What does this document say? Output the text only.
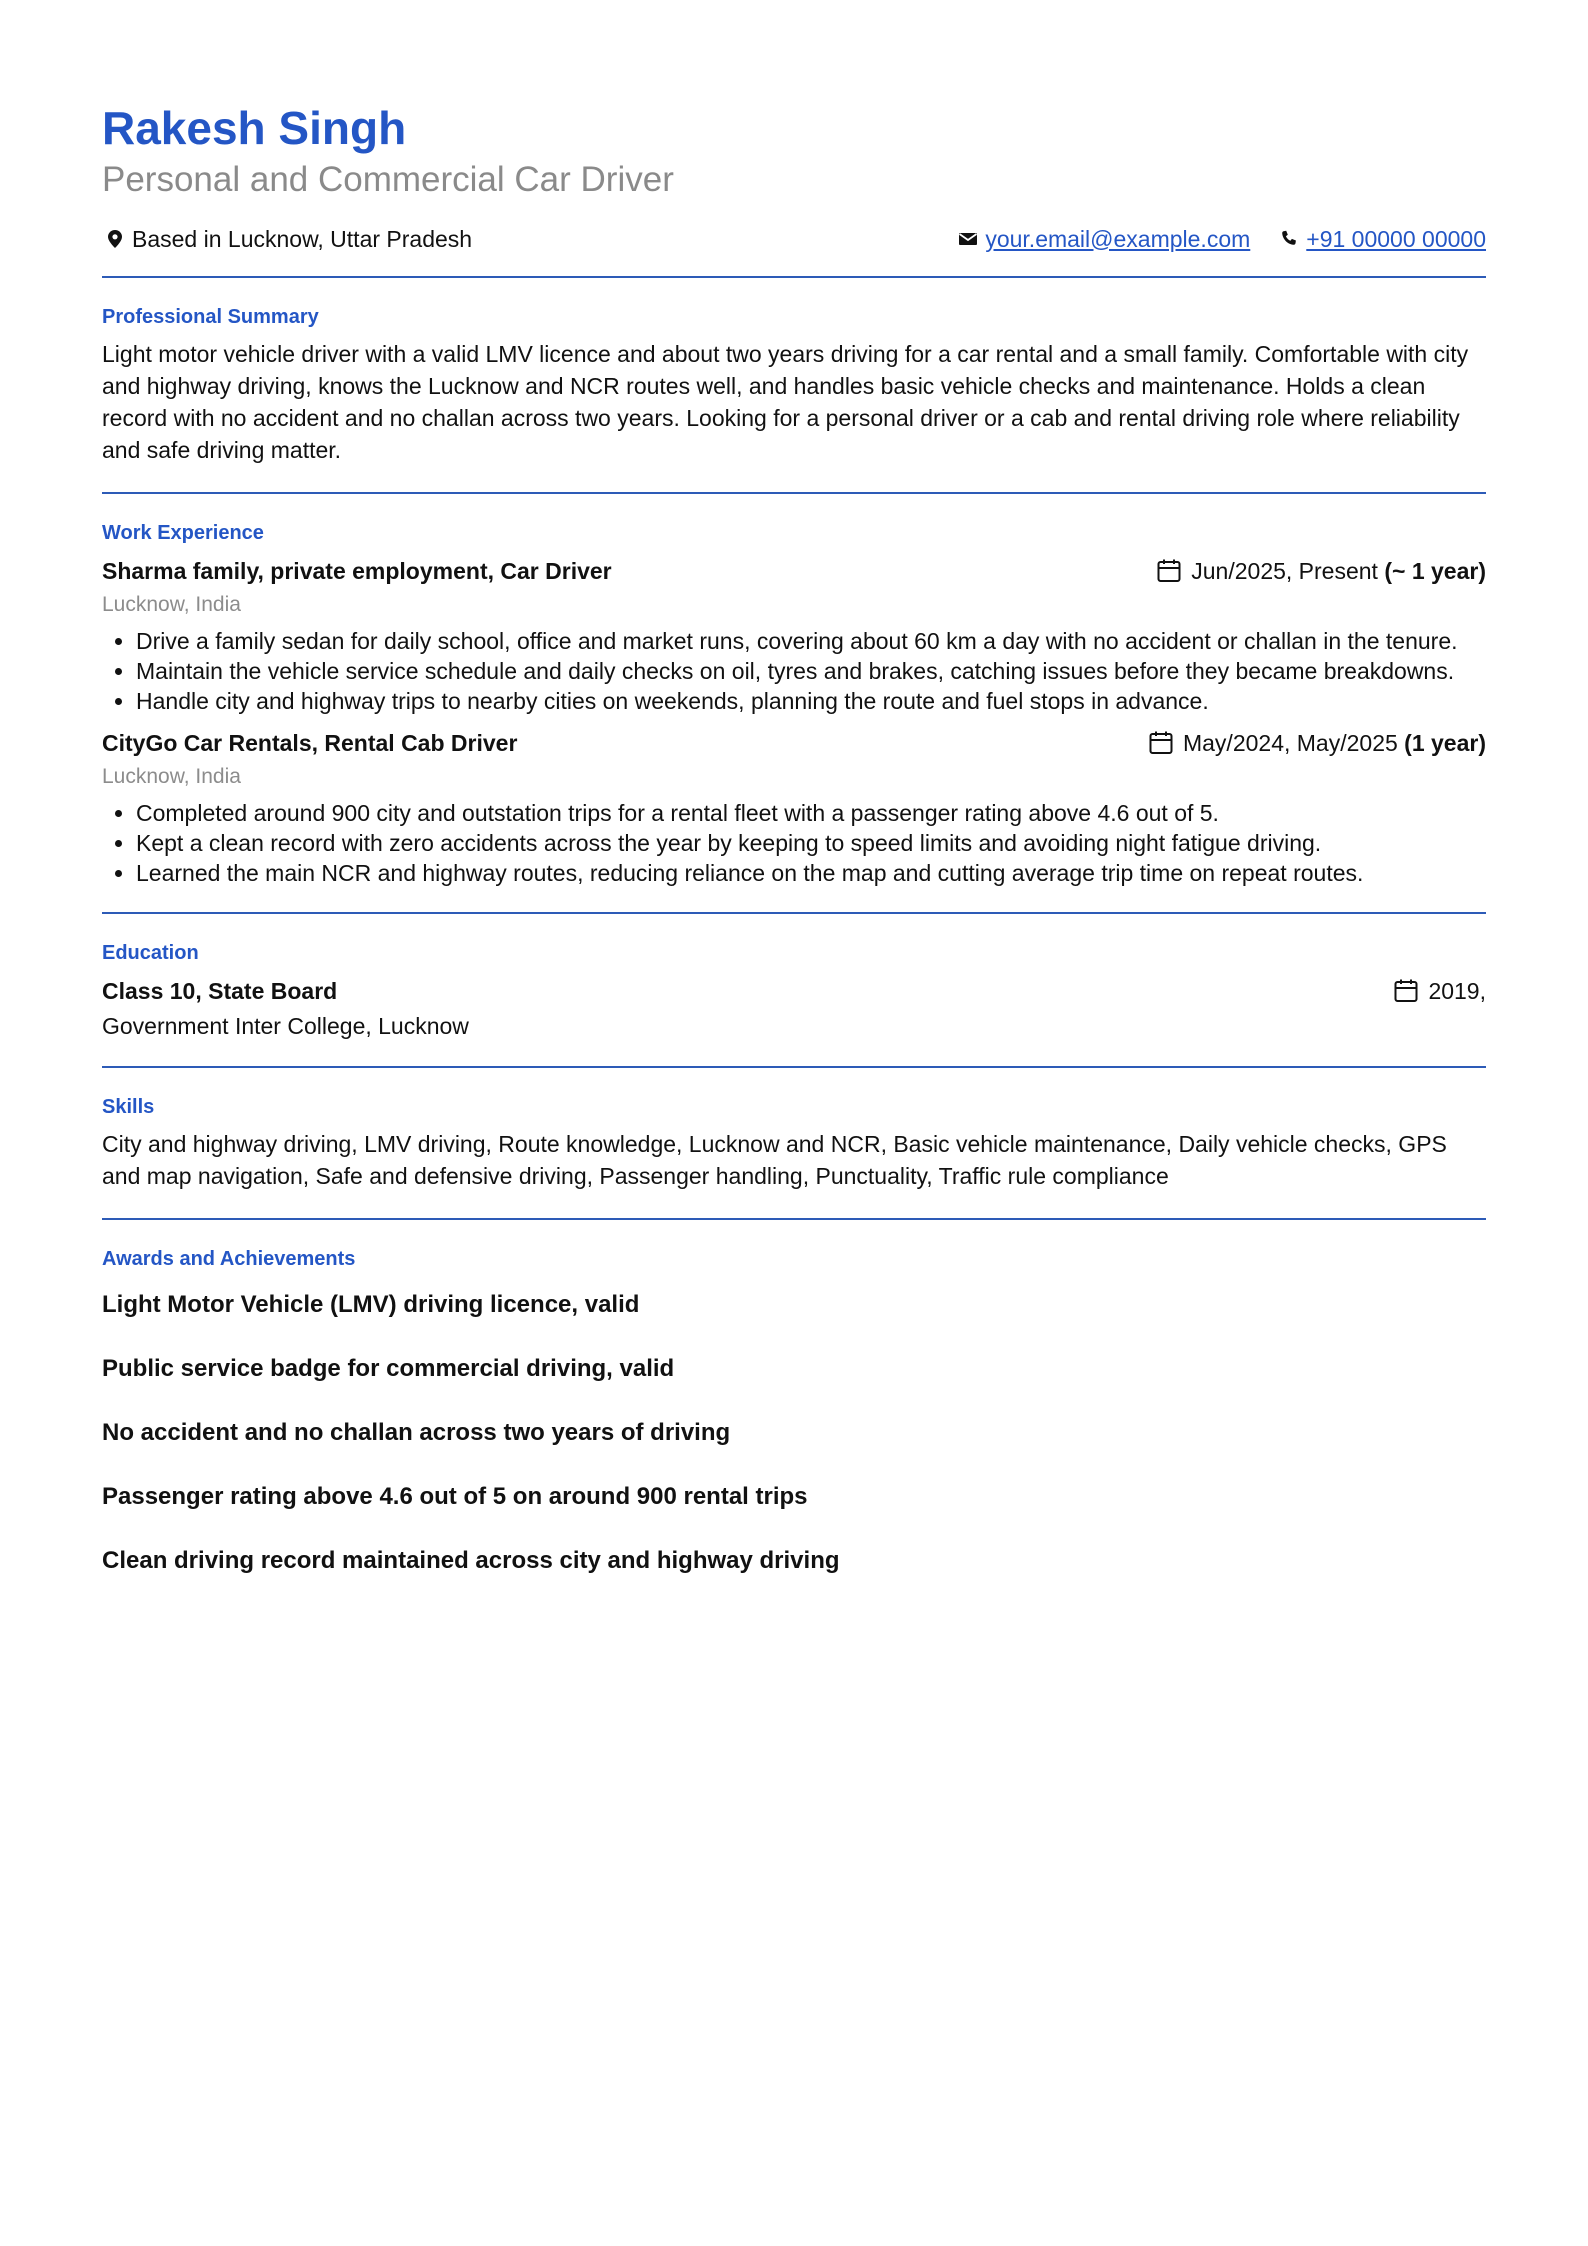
Rakesh Singh

Personal and Commercial Car Driver

Based in Lucknow, Uttar Pradesh	your.email@example.com +91 00000 00000
Professional Summary

Light motor vehicle driver with a valid LMV licence and about two years driving for a car rental and a small family. Comfortable with city and highway driving, knows the Lucknow and NCR routes well, and handles basic vehicle checks and maintenance. Holds a clean record with no accident and no challan across two years. Looking for a personal driver or a cab and rental driving role where reliability and safe driving matter.

Work Experience
Sharma family, private employment, Car Driver	Jun/2025, Present
(~ 1 year)
Lucknow, India
• Drive a family sedan for daily school, office and market runs, covering about 60 km a day with no accident or challan in the tenure.
• Maintain the vehicle service schedule and daily checks on oil, tyres and brakes, catching issues before they became breakdowns.
• Handle city and highway trips to nearby cities on weekends, planning the route and fuel stops in advance.
CityGo Car Rentals, Rental Cab Driver	May/2024, May/2025
(1 year)
Lucknow, India
• Completed around 900 city and outstation trips for a rental fleet with a passenger rating above 4.6 out of 5.
• Kept a clean record with zero accidents across the year by keeping to speed limits and avoiding night fatigue driving.
• Learned the main NCR and highway routes, reducing reliance on the map and cutting average trip time on repeat routes.
Education
Class 10, State Board	2019,
Government Inter College, Lucknow
Skills

City and highway driving, LMV driving, Route knowledge, Lucknow and NCR, Basic vehicle maintenance, Daily vehicle checks, GPS and map navigation, Safe and defensive driving, Passenger handling, Punctuality, Traffic rule compliance

Awards and Achievements

Light Motor Vehicle (LMV) driving licence, valid

Public service badge for commercial driving, valid

No accident and no challan across two years of driving

Passenger rating above 4.6 out of 5 on around 900 rental trips

Clean driving record maintained across city and highway driving
